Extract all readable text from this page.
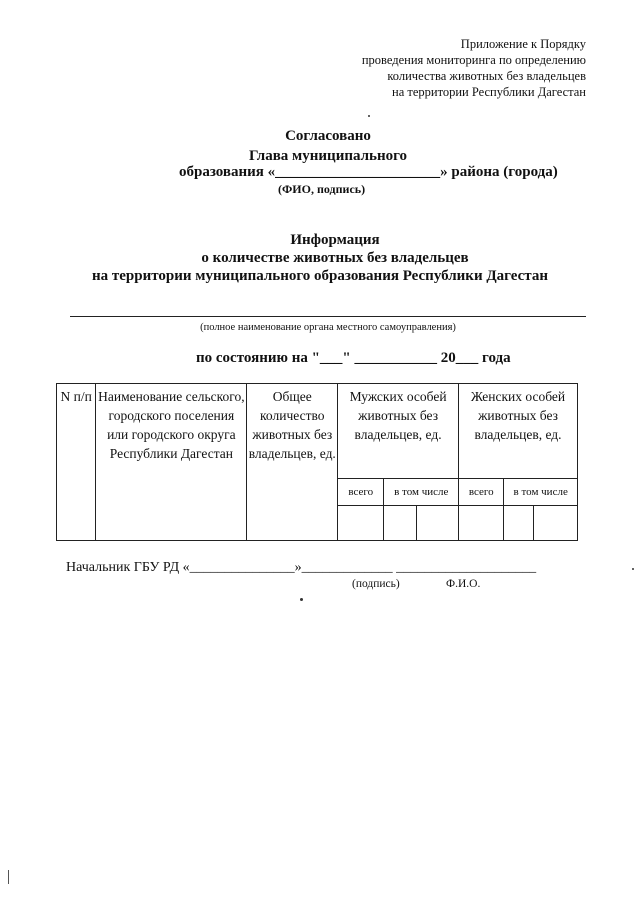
Приложение к Порядку
проведения мониторинга по определению
количества животных без владельцев
на территории Республики Дагестан
Согласовано
Глава муниципального
образования «______________________» района (города)
(ФИО, подпись)
Информация
о количестве животных без владельцев
на территории муниципального образования Республики Дагестан
(полное наименование органа местного самоуправления)
по состоянию на "___" ___________ 20___ года
N п/п	Наименование сельского, городского поселения или городского округа Республики Дагестан	Общее количество животных без владельцев, ед.	Мужских особей животных без владельцев, ед.			Женских особей животных без владельцев, ед.		
			всего	в том числе		всего	в том числе	

Начальник ГБУ РД «_______________»_____________ ____________________
(подпись)	Ф.И.О.
